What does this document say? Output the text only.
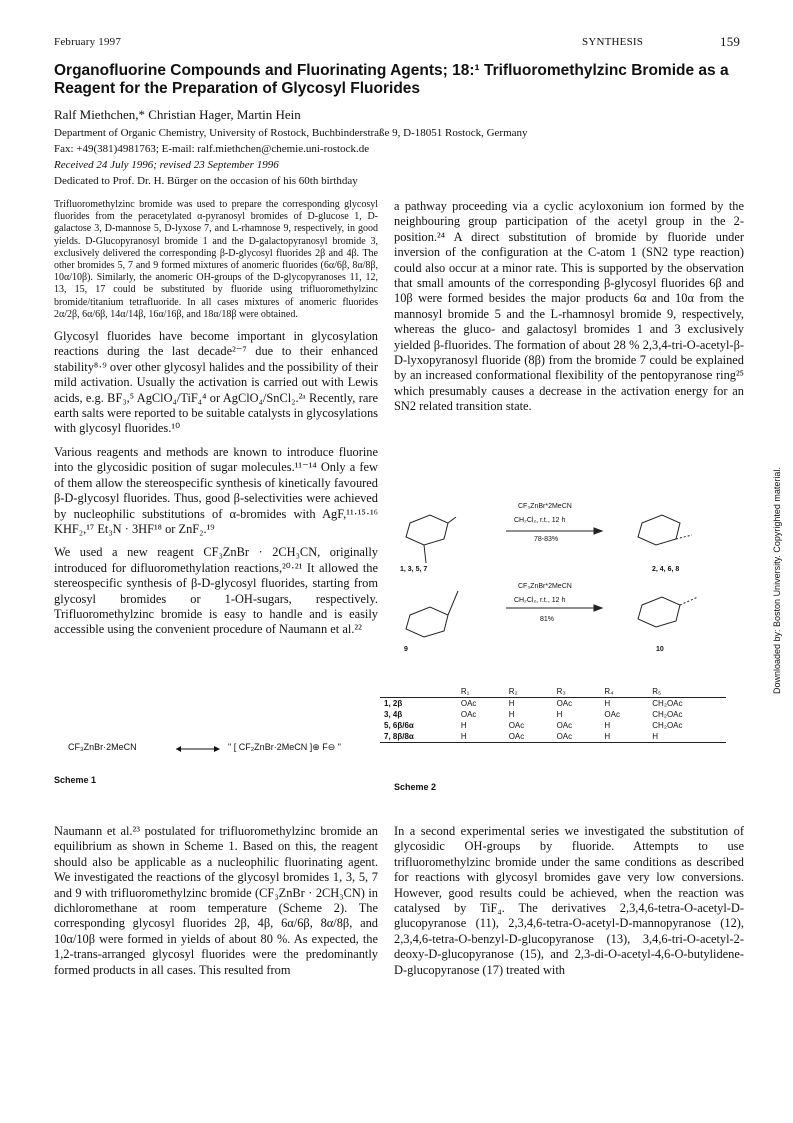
February 1997	SYNTHESIS	159
Organofluorine Compounds and Fluorinating Agents; 18:¹ Trifluoromethylzinc Bromide as a Reagent for the Preparation of Glycosyl Fluorides
Ralf Miethchen,* Christian Hager, Martin Hein
Department of Organic Chemistry, University of Rostock, Buchbinderstraße 9, D-18051 Rostock, Germany
Fax: +49(381)4981763; E-mail: ralf.miethchen@chemie.uni-rostock.de
Received 24 July 1996; revised 23 September 1996
Dedicated to Prof. Dr. H. Bürger on the occasion of his 60th birthday
Trifluoromethylzinc bromide was used to prepare the corresponding glycosyl fluorides from the peracetylated α-pyranosyl bromides of D-glucose 1, D-galactose 3, D-mannose 5, D-lyxose 7, and L-rhamnose 9, respectively, in good yields. D-Glucopyranosyl bromide 1 and the D-galactopyranosyl bromide 3, exclusively delivered the corresponding β-D-glycosyl fluorides 2β and 4β. The other bromides 5, 7 and 9 formed mixtures of anomeric fluorides (6α/6β, 8α/8β, 10α/10β). Similarly, the anomeric OH-groups of the D-glycopyranoses 11, 12, 13, 15, 17 could be substituted by fluoride using trifluoromethylzinc bromide/titanium tetrafluoride. In all cases mixtures of anomeric fluorides 2α/2β, 6α/6β, 14α/14β, 16α/16β, and 18α/18β were obtained.

Glycosyl fluorides have become important in glycosylation reactions during the last decade²⁻⁷ due to their enhanced stability⁸·⁹ over other glycosyl halides and the possibility of their mild activation. Usually the activation is carried out with Lewis acids, e.g. BF₃,⁵ AgClO₄/TiF₄⁴ or AgClO₄/SnCl₂.²ᵃ Recently, rare earth salts were reported to be suitable catalysts in glycosylations with glycosyl fluorides.¹⁰

Various reagents and methods are known to introduce fluorine into the glycosidic position of sugar molecules.¹¹⁻¹⁴ Only a few of them allow the stereospecific synthesis of kinetically favoured β-D-glycosyl fluorides. Thus, good β-selectivities were achieved by nucleophilic substitutions of α-bromides with AgF,¹¹·¹⁵·¹⁶ KHF₂,¹⁷ Et₃N · 3HF¹⁸ or ZnF₂.¹⁹

We used a new reagent CF₃ZnBr · 2CH₃CN, originally introduced for difluoromethylation reactions,²⁰·²¹ It allowed the stereospecific synthesis of β-D-glycosyl fluorides, starting from glycosyl bromides or 1-OH-sugars, respectively. Trifluoromethylzinc bromide is easy to handle and is easily accessible using the convenient procedure of Naumann et al.²²

CF₃ZnBr·2MeCN	" [ CF₂ZnBr·2MeCN ]⊕ F⊖ "
Scheme 1
a pathway proceeding via a cyclic acyloxonium ion formed by the neighbouring group participation of the acetyl group in the 2-position.²⁴ A direct substitution of bromide by fluoride under inversion of the configuration at the C-atom 1 (SN2 type reaction) could also occur at a minor rate. This is supported by the observation that small amounts of the corresponding β-glycosyl fluorides 6β and 10β were formed besides the major products 6α and 10α from the mannosyl bromide 5 and the L-rhamnosyl bromide 9, respectively, whereas the gluco- and galactosyl bromides 1 and 3 exclusively yielded β-fluorides. The formation of about 28 % 2,3,4-tri-O-acetyl-β-D-lyxopyranosyl fluoride (8β) from the bromide 7 could be explained by an increased conformational flexibility of the pentopyranose ring²⁵ which presumably causes a decrease in the activation energy for an SN2 related transition state.
CF₃ZnBr*2MeCN
CH₂Cl₂, r.t., 12 h
78-83%
CF₃ZnBr*2MeCN
CH₂Cl₂, r.t., 12 h
81%
1, 3, 5, 7	2, 4, 6, 8
9	10
	R₁	R₂	R₃	R₄	R₅
1, 2β	OAc	H	OAc	H	CH₂OAc
3, 4β	OAc	H	H	OAc	CH₂OAc
5, 6β/6α	H	OAc	OAc	H	CH₂OAc
7, 8β/8α	H	OAc	OAc	H	H
Scheme 2
Naumann et al.²³ postulated for trifluoromethylzinc bromide an equilibrium as shown in Scheme 1. Based on this, the reagent should also be applicable as a nucleophilic fluorinating agent. We investigated the reactions of the glycosyl bromides 1, 3, 5, 7 and 9 with trifluoromethylzinc bromide (CF₃ZnBr · 2CH₃CN) in dichloromethane at room temperature (Scheme 2). The corresponding glycosyl fluorides 2β, 4β, 6α/6β, 8α/8β, and 10α/10β were formed in yields of about 80 %. As expected, the 1,2-trans-arranged glycosyl fluorides were the predominantly formed products in all cases. This resulted from
In a second experimental series we investigated the substitution of glycosidic OH-groups by fluoride. Attempts to use trifluoromethylzinc bromide under the same conditions as described for reactions with glycosyl bromides gave very low conversions. However, good results could be achieved, when the reaction was catalysed by TiF₄. The derivatives 2,3,4,6-tetra-O-acetyl-D-glucopyranose (11), 2,3,4,6-tetra-O-acetyl-D-mannopyranose (12), 2,3,4,6-tetra-O-benzyl-D-glucopyranose (13), 3,4,6-tri-O-acetyl-2-deoxy-D-glucopyranose (15), and 2,3-di-O-acetyl-4,6-O-butylidene-D-glucopyranose (17) treated with
Downloaded by: Boston University. Copyrighted material.
